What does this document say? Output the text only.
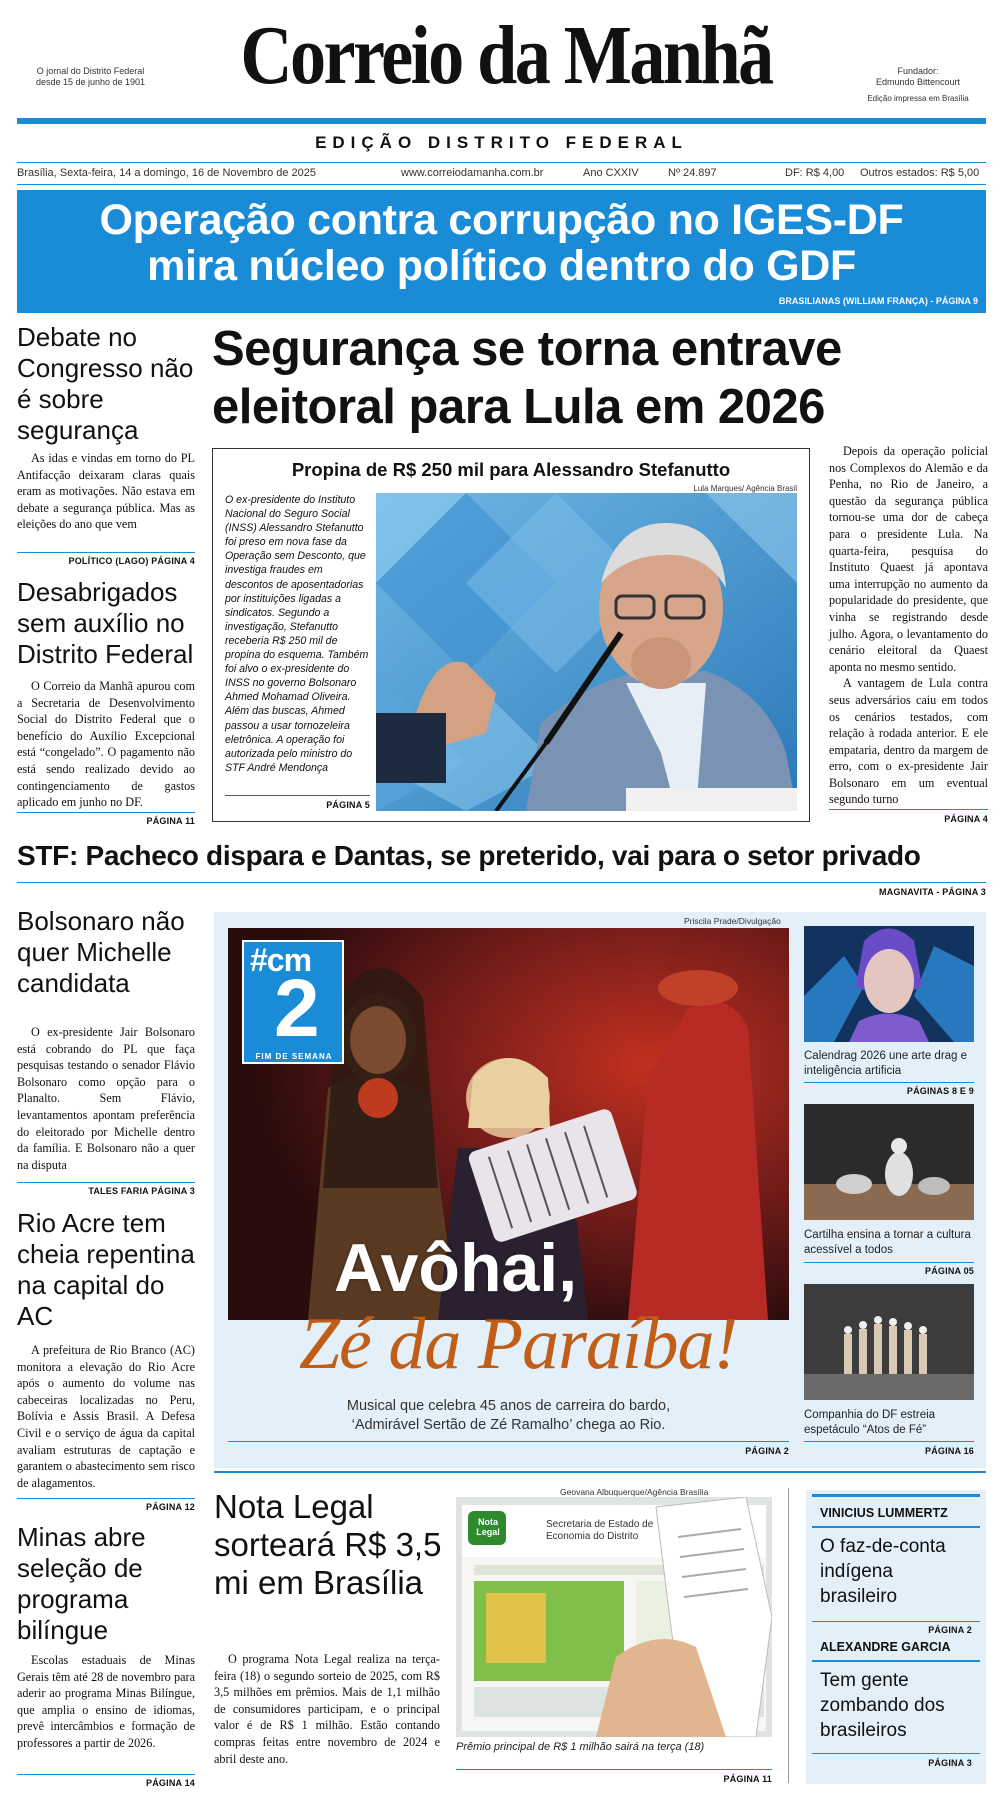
Correio da Manhã
O jornal do Distrito Federal
desde 15 de junho de 1901
Fundador:
Edmundo Bittencourt
Edição impressa em Brasília
EDIÇÃO DISTRITO FEDERAL
Brasília, Sexta-feira, 14 a domingo, 16 de Novembro de 2025	www.correiodamanha.com.br	Ano CXXIV	Nº 24.897	DF: R$ 4,00 Outros estados: R$ 5,00
Operação contra corrupção no IGES-DF
mira núcleo político dentro do GDF
BRASILIANAS (WILLIAM FRANÇA) - PÁGINA 9
Debate no Congresso não é sobre segurança
As idas e vindas em torno do PL Antifacção deixaram claras quais eram as motivações. Não estava em debate a segurança pública. Mas as eleições do ano que vem
POLÍTICO (LAGO) PÁGINA 4
Desabrigados sem auxílio no Distrito Federal
O Correio da Manhã apurou com a Secretaria de Desenvolvimento Social do Distrito Federal que o benefício do Auxílio Excepcional está “congelado”. O pagamento não está sendo realizado devido ao contingenciamento de gastos aplicado em junho no DF.
PÁGINA 11
Segurança se torna entrave eleitoral para Lula em 2026
Propina de R$ 250 mil para Alessandro Stefanutto
Lula Marques/ Agência Brasil
O ex-presidente do Instituto Nacional do Seguro Social (INSS) Alessandro Stefanutto foi preso em nova fase da Operação sem Desconto, que investiga fraudes em descontos de aposentadorias por instituições ligadas a sindicatos. Segundo a investigação, Stefanutto receberia R$ 250 mil de propina do esquema. Também foi alvo o ex-presidente do INSS no governo Bolsonaro Ahmed Mohamad Oliveira. Além das buscas, Ahmed passou a usar tornozeleira eletrônica. A operação foi autorizada pelo ministro do STF André Mendonça
PÁGINA 5
Depois da operação policial nos Complexos do Alemão e da Penha, no Rio de Janeiro, a questão da segurança pública tornou-se uma dor de cabeça para o presidente Lula. Na quarta-feira, pesquisa do Instituto Quaest já apontava uma interrupção no aumento da popularidade do presidente, que vinha se registrando desde julho. Agora, o levantamento do cenário eleitoral da Quaest aponta no mesmo sentido.
A vantagem de Lula contra seus adversários caiu em todos os cenários testados, com relação à rodada anterior. E ele empataria, dentro da margem de erro, com o ex-presidente Jair Bolsonaro em um eventual segundo turno
PÁGINA 4
STF: Pacheco dispara e Dantas, se preterido, vai para o setor privado
MAGNAVITA - PÁGINA 3
Bolsonaro não quer Michelle candidata
O ex-presidente Jair Bolsonaro está cobrando do PL que faça pesquisas testando o senador Flávio Bolsonaro como opção para o Planalto. Sem Flávio, levantamentos apontam preferência do eleitorado por Michelle dentro da família. E Bolsonaro não a quer na disputa
TALES FARIA PÁGINA 3
Rio Acre tem cheia repentina na capital do AC
A prefeitura de Rio Branco (AC) monitora a elevação do Rio Acre após o aumento do volume nas cabeceiras localizadas no Peru, Bolívia e Assis Brasil. A Defesa Civil e o serviço de água da capital avaliam estruturas de captação e garantem o abastecimento sem risco de alagamentos.
PÁGINA 12
Minas abre seleção de programa bilíngue
Escolas estaduais de Minas Gerais têm até 28 de novembro para aderir ao programa Minas Bilíngue, que amplia o ensino de idiomas, prevê intercâmbios e formação de professores a partir de 2026.
PÁGINA 14
Priscila Prade/Divulgação
#cm
2
FIM DE SEMANA
Avôhai,
Zé da Paraíba!
Musical que celebra 45 anos de carreira do bardo,
‘Admirável Sertão de Zé Ramalho’ chega ao Rio.
PÁGINA 2
Calendrag 2026 une arte drag e inteligência artificia
PÁGINAS 8 E 9
Cartilha ensina a tornar a cultura acessível a todos
PÁGINA 05
Companhia do DF estreia espetáculo “Atos de Fé”
PÁGINA 16
Nota Legal sorteará R$ 3,5 mi em Brasília
O programa Nota Legal realiza na terça-feira (18) o segundo sorteio de 2025, com R$ 3,5 milhões em prêmios. Mais de 1,1 milhão de consumidores participam, e o principal valor é de R$ 1 milhão. Estão contando compras feitas entre novembro de 2024 e abril deste ano.
Geovana Albuquerque/Agência Brasília
Nota Legal
Secretaria de Estado de
Economia do Distrito
Prêmio principal de R$ 1 milhão sairá na terça (18)
PÁGINA 11
VINICIUS LUMMERTZ
O faz-de-conta indígena brasileiro
PÁGINA 2
ALEXANDRE GARCIA
Tem gente zombando dos brasileiros
PÁGINA 3
